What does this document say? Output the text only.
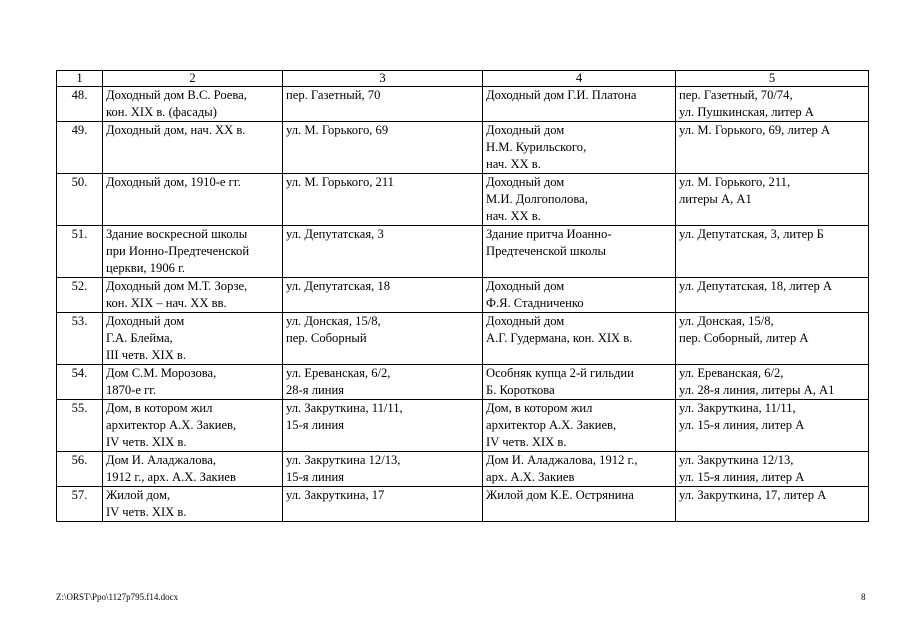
1	2	3	4	5
48.	Доходный дом В.С. Роева,
кон. XIX в. (фасады)	пер. Газетный, 70	Доходный дом Г.И. Платона	пер. Газетный, 70/74,
ул. Пушкинская, литер А

49.	Доходный дом, нач. XX в.	ул. М. Горького, 69	Доходный дом
Н.М. Курильского,
нач. XX в.	ул. М. Горького, 69, литер А

50.	Доходный дом, 1910-е гг.	ул. М. Горького, 211	Доходный дом
М.И. Долгополова,
нач. XX в.	ул. М. Горького, 211,
литеры А, А1

51.	Здание воскресной школы
при Ионно-Предтеченской
церкви, 1906 г.	ул. Депутатская, 3	Здание притча Иоанно-
Предтеченской школы	ул. Депутатская, 3, литер Б

52.	Доходный дом М.Т. Зорзе,
кон. XIX – нач. XX вв.	ул. Депутатская, 18	Доходный дом
Ф.Я. Стадниченко	ул. Депутатская, 18, литер А

53.	Доходный дом
Г.А. Блейма,
III четв. XIX в.	ул. Донская, 15/8,
пер. Соборный	Доходный дом
А.Г. Гудермана, кон. XIX в.	ул. Донская, 15/8,
пер. Соборный, литер А

54.	Дом С.М. Морозова,
1870-е гг.	ул. Ереванская, 6/2,
28-я линия	Особняк купца 2-й гильдии
Б. Короткова	ул. Ереванская, 6/2,
ул. 28-я линия, литеры А, А1

55.	Дом, в котором жил
архитектор А.Х. Закиев,
IV четв. XIX в.	ул. Закруткина, 11/11,
15-я линия	Дом, в котором жил
архитектор А.Х. Закиев,
IV четв. XIX в.	ул. Закруткина, 11/11,
ул. 15-я линия, литер А

56.	Дом И. Аладжалова,
1912 г., арх. А.Х. Закиев	ул. Закруткина 12/13,
15-я линия	Дом И. Аладжалова, 1912 г.,
арх. А.Х. Закиев	ул. Закруткина 12/13,
ул. 15-я линия, литер А

57.	Жилой дом,
IV четв. XIX в.	ул. Закруткина, 17	Жилой дом К.Е. Острянина	ул. Закруткина, 17, литер А
Z:\ORST\Ppo\1127p795.f14.docx	8
